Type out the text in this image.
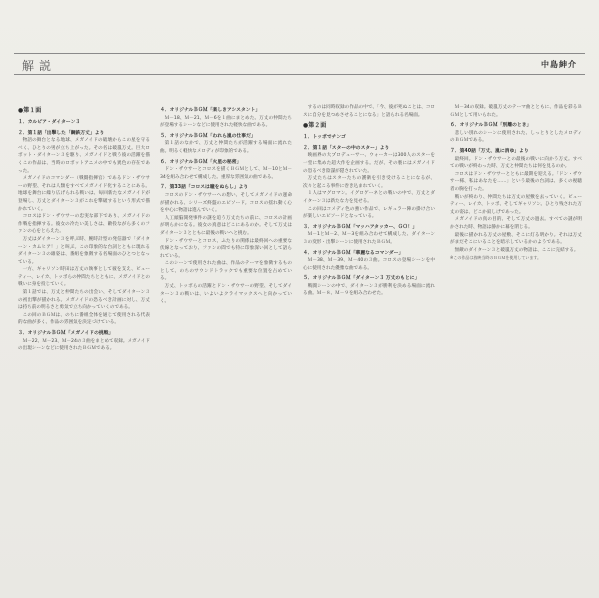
解説	中島紳介

●第１面

１．カルピア・ダイターン３

２．第１話「出撃した「鋼鉄万丈」より

物語の舞台となる地球、メガノイドの破壊からこの星を守るべく、ひとりの男が立ち上がった。その名は破嵐万丈。巨大ロボット・ダイターン３を駆り、メガノイドと戦う彼の活躍を描くこの作品は、当時のロボットアニメの中でも異色の存在であった。

メガノイドのコマンダー（戦闘指揮官）であるドン・ザウサーの野望、それは人類をすべてメガノイド化することにある。地球を舞台に繰り広げられる戦いは、毎回新たなメガノイドが登場し、万丈とダイターン３がこれを撃破するという形式で描かれていく。

コロスはドン・ザウサーの忠実な部下であり、メガノイドの作戦を指揮する。彼女の冷たい美しさは、敵役ながら多くのファンの心をとらえた。

万丈はダイターン３を呼ぶ時、腕時計型の発信器で「ダイターン・カムヒア！」と叫ぶ。この印象的な台詞とともに現れるダイターン３の雄姿は、番組を象徴する名場面のひとつとなっている。

一方、ギャリソン時田は万丈の執事として彼を支え、ビューティー、レイカ、トッポらの仲間たちとともに、メガノイドとの戦いに身を投じていく。

第１話では、万丈と仲間たちの出会い、そしてダイターン３の初出撃が描かれる。メガノイドの恐るべき計画に対し、万丈は持ち前の明るさと勇気で立ち向かっていくのである。

この回のＢＧＭは、のちに番組全体を通じて使用される代表的な曲が多く、作品の雰囲気を決定づけている。

３．オリジナルＢＧＭ「メガノイドの挑戦」

Ｍ－22、Ｍ－23、Ｍ－24の３曲をまとめて収録。メガノイドの出現シーンなどに使用されたＢＧＭである。

４．オリジナルＢＧＭ「楽しきアシスタント」

Ｍ－18、Ｍ－21、Ｍ－6を１曲にまとめた。万丈の仲間たちが登場するシーンなどに使用された軽快な曲である。

５．オリジナルＢＧＭ「われら嵐の仕事だ」

第１話のなかで、万丈と仲間たちが活躍する場面に流れた曲。明るく軽快なメロディが印象的である。

６．オリジナルＢＧＭ「火星の秘密」

ドン・ザウサーとコロスを描くＢＧＭとして、Ｍ－10とＭ－34を組み合わせて構成した。重厚な雰囲気の曲である。

７．第33話「コロスは瞳をぬらし」より

コロスのドン・ザウサーへの想い、そしてメガノイドの運命が描かれる、シリーズ終盤のエピソード。コロスの揺れ動く心を中心に物語は進んでいく。

人工頭脳開発事件の謎を追う万丈たちの前に、コロスの計画が明らかになる。彼女の真意はどこにあるのか。そして万丈はダイターン３とともに最後の戦いへと挑む。

ドン・ザウサーとコロス、ふたりの関係は最終回への重要な伏線となっており、ファンの間でも特に印象深い回として語られている。

このシーンで使用された曲は、作品のテーマを象徴するものとして、のちのサウンドトラックでも重要な位置を占めている。

万丈、トッポらの活躍とドン・ザウサーの野望、そしてダイターン３の戦いは、いよいよクライマックスへと向かっていく。

するのは同時収録の作品の中で、「今、彼が死ぬことは、コロスに自分を見つめさせることになる」と語られる名場面。

●第２面

１．トッポでチンゴ

２．第１話「スターの中のスター」より

映画界の大プロデューサー、ウォーカーは300人のスターを一堂に集めた超大作を企画する。だが、その裏にはメガノイドの恐るべき陰謀が隠されていた。

万丈たちはスターたちの護衛を引き受けることになるが、次々と起こる事件に巻き込まれていく。

１人はマグロマン。イグロゲーネとの戦いの中で、万丈とダイターン３は新たな力を見せる。

この回はコメディ色の強い作品で、レギュラー陣の掛け合いが楽しいエピソードとなっている。

３．オリジナルＢＧＭ「マッハアタッカー、ＧＯ！」

Ｍ－1とＭ－2、Ｍ－3を組み合わせて構成した、ダイターン３の変形・出撃シーンに使用されたＢＧＭ。

４．オリジナルＢＧＭ「華麗なるコマンダー」

Ｍ－38、Ｍ－39、Ｍ－40の３曲。コロスの登場シーンを中心に使用された優雅な曲である。

５．オリジナルＢＧＭ「ダイターン３ 万丈のもとに」

戦闘シーンの中で、ダイターン３が勝利を決める場面に流れる曲。Ｍ－８、Ｍ－９を組み合わせた。

Ｍ－34の収録。破嵐万丈のテーマ曲とともに、作品を彩るＢＧＭとして用いられた。

６．オリジナルＢＧＭ「別離のとき」

悲しい別れのシーンに使用された、しっとりとしたメロディのＢＧＭである。

７．第40話「万丈、嵐に消ゆ」より

最終回。ドン・ザウサーとの最後の戦いに向かう万丈。すべての戦いが終わった時、万丈と仲間たちは何を見るのか。

コロスはドン・ザウサーとともに最期を迎える。「ドン・ザウサー様、私はあなたを……」という最後の台詞は、多くの視聴者の胸を打った。

戦いが終わり、仲間たちは万丈の屋敷を去っていく。ビューティー、レイカ、トッポ、そしてギャリソン。ひとり残された万丈の姿は、どこか寂しげであった。

メガノイドの真の目的、そして万丈の過去。すべての謎が明かされた時、物語は静かに幕を閉じる。

最後に描かれる万丈の屋敷、そこに灯る明かり。それは万丈がまだそこにいることを暗示しているかのようである。

無敵のダイターン３と破嵐万丈の物語は、ここに完結する。

※この作品は放映当時のＢＧＭを使用しています。
